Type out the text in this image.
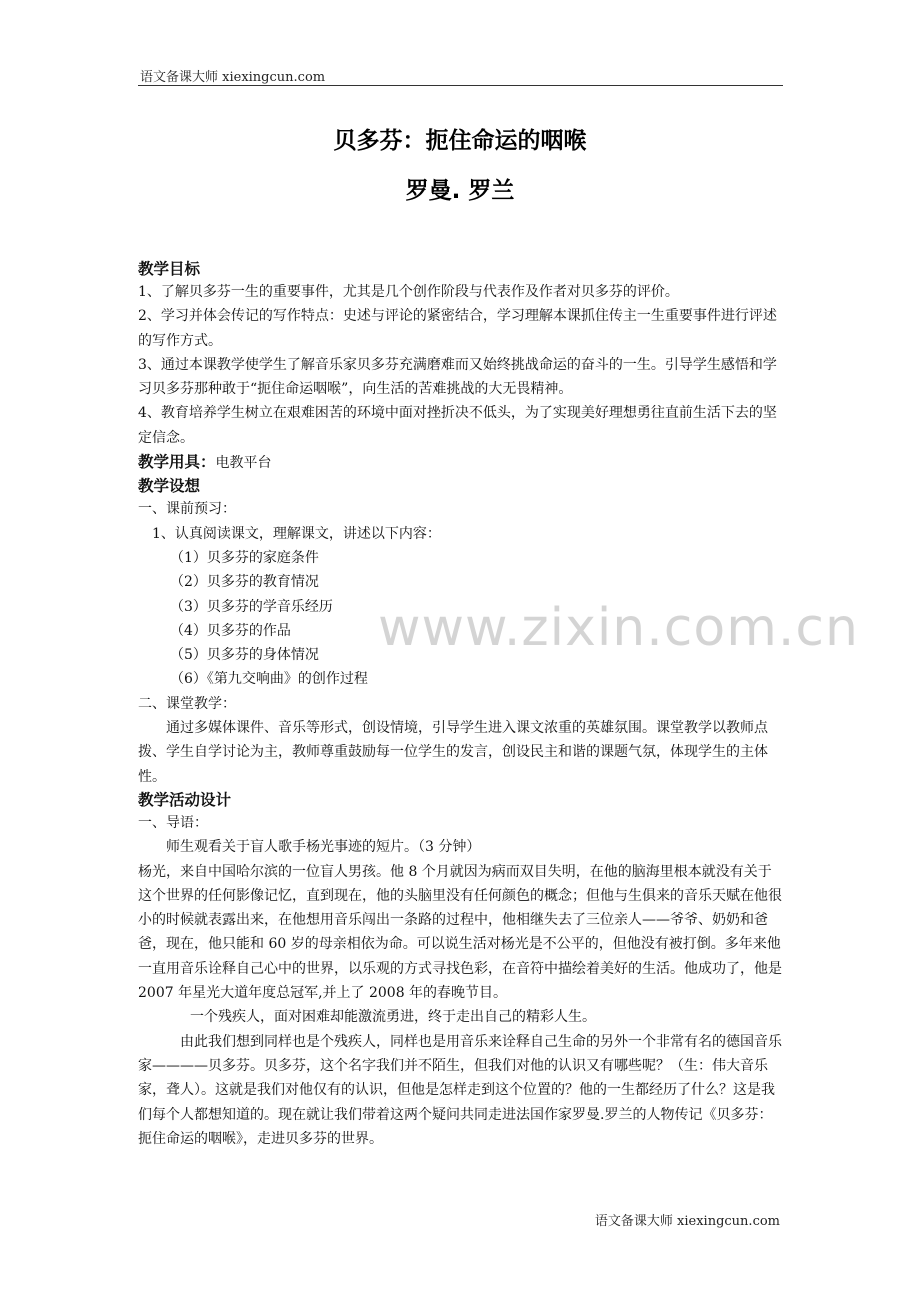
语文备课大师 xiexingcun.com
贝多芬：扼住命运的咽喉
罗曼. 罗兰
教学目标
1、了解贝多芬一生的重要事件，尤其是几个创作阶段与代表作及作者对贝多芬的评价。
2、学习并体会传记的写作特点：史述与评论的紧密结合，学习理解本课抓住传主一生重要事件进行评述的写作方式。
3、通过本课教学使学生了解音乐家贝多芬充满磨难而又始终挑战命运的奋斗的一生。引导学生感悟和学习贝多芬那种敢于“扼住命运咽喉”，向生活的苦难挑战的大无畏精神。
4、教育培养学生树立在艰难困苦的环境中面对挫折决不低头，为了实现美好理想勇往直前生活下去的坚定信念。
教学用具：电教平台
教学设想
一、课前预习：
1、认真阅读课文，理解课文，讲述以下内容：
（1）贝多芬的家庭条件
（2）贝多芬的教育情况
（3）贝多芬的学音乐经历
（4）贝多芬的作品
（5）贝多芬的身体情况
（6）《第九交响曲》的创作过程
二、课堂教学：
通过多媒体课件、音乐等形式，创设情境，引导学生进入课文浓重的英雄氛围。课堂教学以教师点拨、学生自学讨论为主，教师尊重鼓励每一位学生的发言，创设民主和谐的课题气氛，体现学生的主体性。
教学活动设计
一、导语：
师生观看关于盲人歌手杨光事迹的短片。（3 分钟）
杨光，来自中国哈尔滨的一位盲人男孩。他 8 个月就因为病而双目失明，在他的脑海里根本就没有关于这个世界的任何影像记忆，直到现在，他的头脑里没有任何颜色的概念；但他与生俱来的音乐天赋在他很小的时候就表露出来，在他想用音乐闯出一条路的过程中，他相继失去了三位亲人——爷爷、奶奶和爸爸，现在，他只能和 60 岁的母亲相依为命。可以说生活对杨光是不公平的，但他没有被打倒。多年来他一直用音乐诠释自己心中的世界，以乐观的方式寻找色彩，在音符中描绘着美好的生活。他成功了，他是 2007 年星光大道年度总冠军,并上了 2008 年的春晚节目。
一个残疾人，面对困难却能激流勇进，终于走出自己的精彩人生。
由此我们想到同样也是个残疾人，同样也是用音乐来诠释自己生命的另外一个非常有名的德国音乐家————贝多芬。贝多芬，这个名字我们并不陌生，但我们对他的认识又有哪些呢？（生：伟大音乐家，聋人）。这就是我们对他仅有的认识，但他是怎样走到这个位置的？他的一生都经历了什么？这是我们每个人都想知道的。现在就让我们带着这两个疑问共同走进法国作家罗曼.罗兰的人物传记《贝多芬：扼住命运的咽喉》，走进贝多芬的世界。
www.zixin.com.cn
语文备课大师 xiexingcun.com
